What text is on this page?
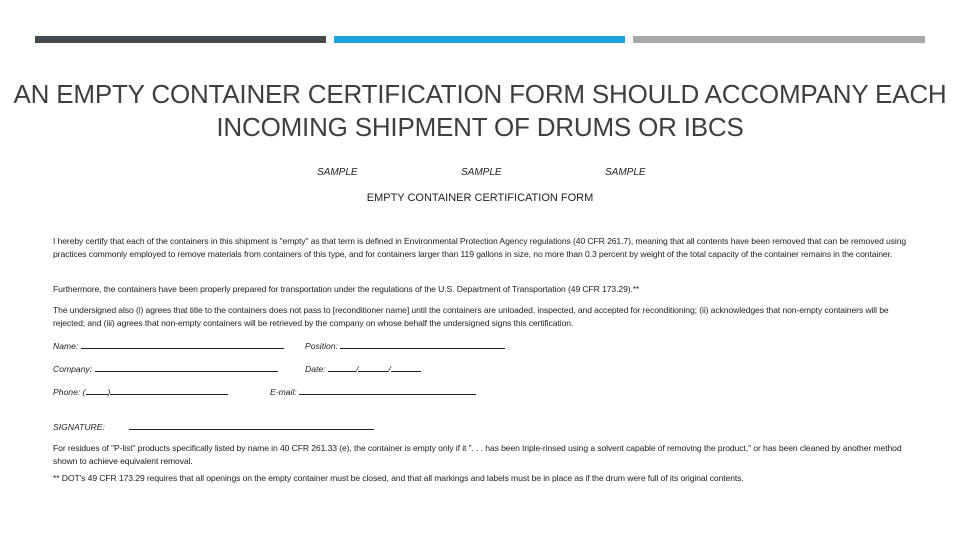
AN EMPTY CONTAINER CERTIFICATION FORM SHOULD ACCOMPANY EACH INCOMING SHIPMENT OF DRUMS OR IBCS
SAMPLE	SAMPLE	SAMPLE
EMPTY CONTAINER CERTIFICATION FORM
I hereby certify that each of the containers in this shipment is "empty" as that term is defined in Environmental Protection Agency regulations (40 CFR 261.7), meaning that all contents have been removed that can be removed using practices commonly employed to remove materials from containers of this type, and for containers larger than 119 gallons in size, no more than 0.3 percent by weight of the total capacity of the container remains in the container.
Furthermore, the containers have been properly prepared for transportation under the regulations of the U.S. Department of Transportation (49 CFR 173.29).**
The undersigned also (i) agrees that title to the containers does not pass to [reconditioner name] until the containers are unloaded, inspected, and accepted for reconditioning; (ii) acknowledges that non-empty containers will be rejected; and (iii) agrees that non-empty containers will be retrieved by the company on whose behalf the undersigned signs this certification.
Name:	Position:
Company:	Date:	/	/
Phone: (	)	E-mail:
SIGNATURE:
For residues of "P-list" products specifically listed by name in 40 CFR 261.33 (e), the container is empty only if it ". . . has been triple-rinsed using a solvent capable of removing the product," or has been cleaned by another method shown to achieve equivalent removal.
** DOT's 49 CFR 173.29 requires that all openings on the empty container must be closed, and that all markings and labels must be in place as if the drum were full of its original contents.
